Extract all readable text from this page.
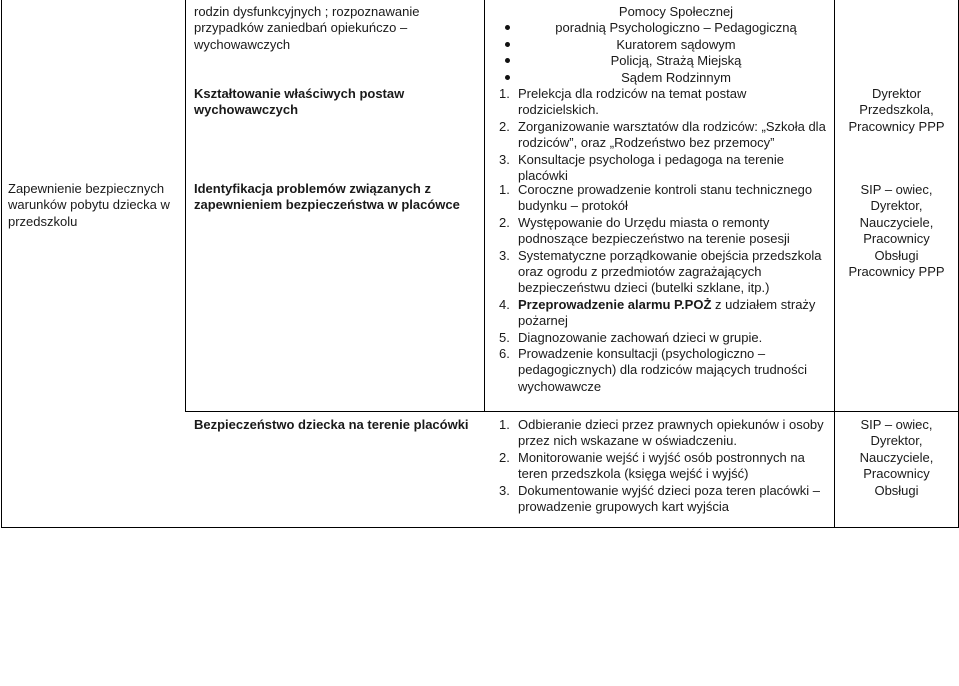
Zapewnienie bezpiecznych warunków pobytu dziecka w przedszkolu
rodzin dysfunkcyjnych ; rozpoznawanie przypadków zaniedbań opiekuńczo – wychowawczych
Kształtowanie właściwych postaw wychowawczych
Identyfikacja problemów związanych z zapewnieniem bezpieczeństwa w placówce
Bezpieczeństwo dziecka na terenie placówki
Pomocy Społecznej
poradnią Psychologiczno – Pedagogiczną
Kuratorem sądowym
Policją, Strażą Miejską
Sądem Rodzinnym
1. Prelekcja dla rodziców na temat postaw rodzicielskich.
2. Zorganizowanie warsztatów dla rodziców: „Szkoła dla rodziców”, oraz „Rodzeństwo bez przemocy”
3. Konsultacje psychologa i pedagoga na terenie placówki
1. Coroczne prowadzenie kontroli stanu technicznego budynku – protokół
2. Występowanie do Urzędu miasta o remonty podnoszące bezpieczeństwo na terenie posesji
3. Systematyczne porządkowanie obejścia przedszkola oraz ogrodu z przedmiotów zagrażających bezpieczeństwu dzieci (butelki szklane, itp.)
4. Przeprowadzenie alarmu P.POŻ z udziałem straży pożarnej
5. Diagnozowanie zachowań dzieci w grupie.
6. Prowadzenie konsultacji (psychologiczno – pedagogicznych) dla rodziców mających trudności wychowawcze
1. Odbieranie dzieci przez prawnych opiekunów i osoby przez nich wskazane w oświadczeniu.
2. Monitorowanie wejść i wyjść osób postronnych na teren przedszkola (księga wejść i wyjść)
3. Dokumentowanie wyjść dzieci poza teren placówki – prowadzenie grupowych kart wyjścia
Dyrektor Przedszkola, Pracownicy PPP
SIP – owiec, Dyrektor, Nauczyciele, Pracownicy Obsługi Pracownicy PPP
SIP – owiec, Dyrektor, Nauczyciele, Pracownicy Obsługi
